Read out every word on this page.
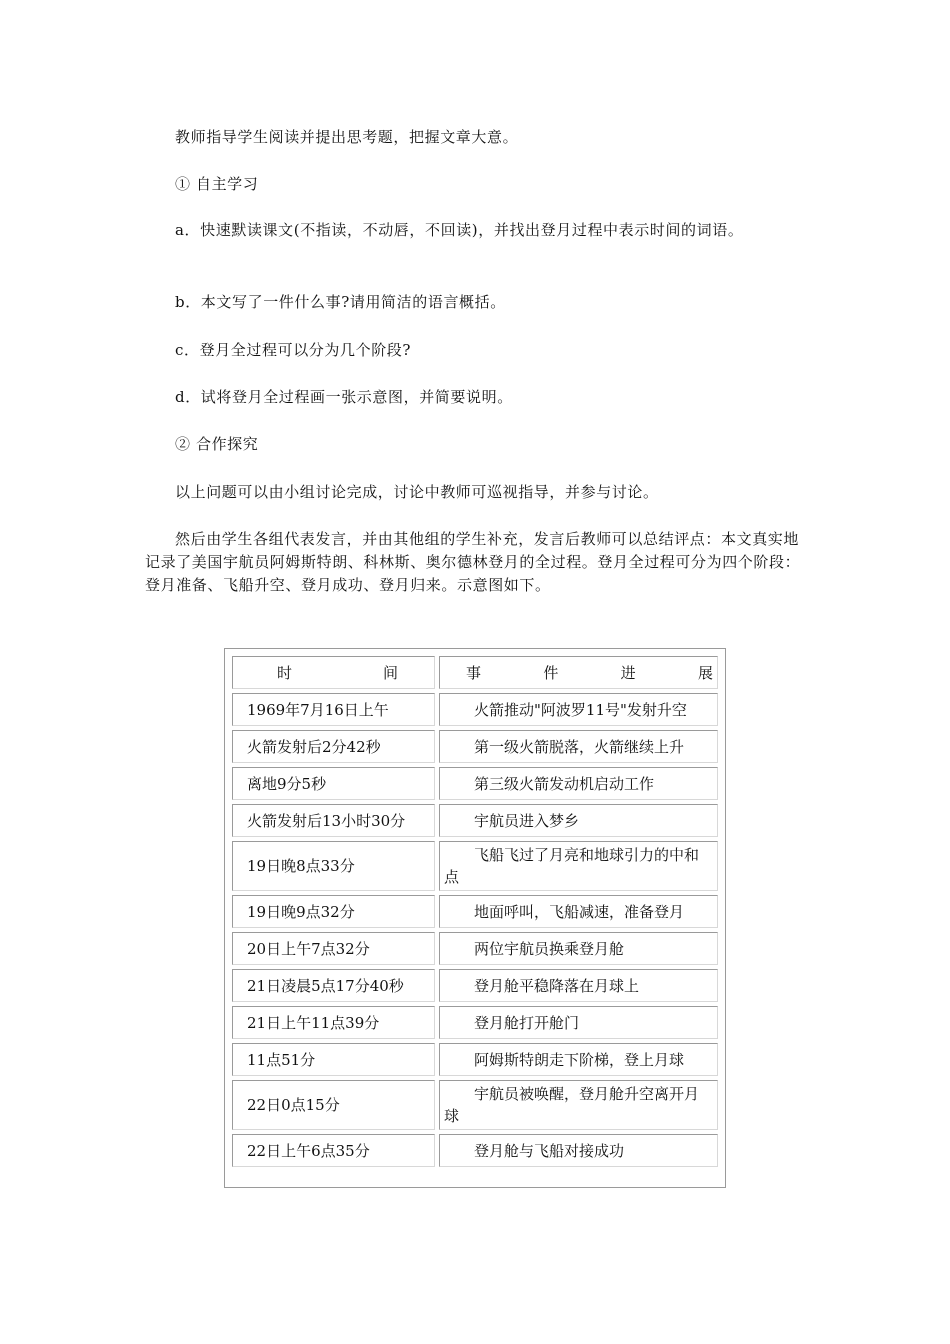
教师指导学生阅读并提出思考题，把握文章大意。

① 自主学习

a．快速默读课文(不指读，不动唇，不回读)，并找出登月过程中表示时间的词语。

b．本文写了一件什么事?请用简洁的语言概括。

c．登月全过程可以分为几个阶段?

d．试将登月全过程画一张示意图，并简要说明。

② 合作探究

以上问题可以由小组讨论完成，讨论中教师可巡视指导，并参与讨论。

然后由学生各组代表发言，并由其他组的学生补充，发言后教师可以总结评点：本文真实地记录了美国宇航员阿姆斯特朗、科林斯、奥尔德林登月的全过程。登月全过程可分为四个阶段：登月准备、飞船升空、登月成功、登月归来。示意图如下。

时 间	事 件 进 展

1969年7月16日上午	火箭推动"阿波罗11号"发射升空
火箭发射后2分42秒	第一级火箭脱落，火箭继续上升
离地9分5秒	第三级火箭发动机启动工作
火箭发射后13小时30分	宇航员进入梦乡
19日晚8点33分	飞船飞过了月亮和地球引力的中和点
19日晚9点32分	地面呼叫，飞船减速，准备登月
20日上午7点32分	两位宇航员换乘登月舱
21日凌晨5点17分40秒	登月舱平稳降落在月球上
21日上午11点39分	登月舱打开舱门
11点51分	阿姆斯特朗走下阶梯，登上月球
22日0点15分	宇航员被唤醒，登月舱升空离开月球
22日上午6点35分	登月舱与飞船对接成功
